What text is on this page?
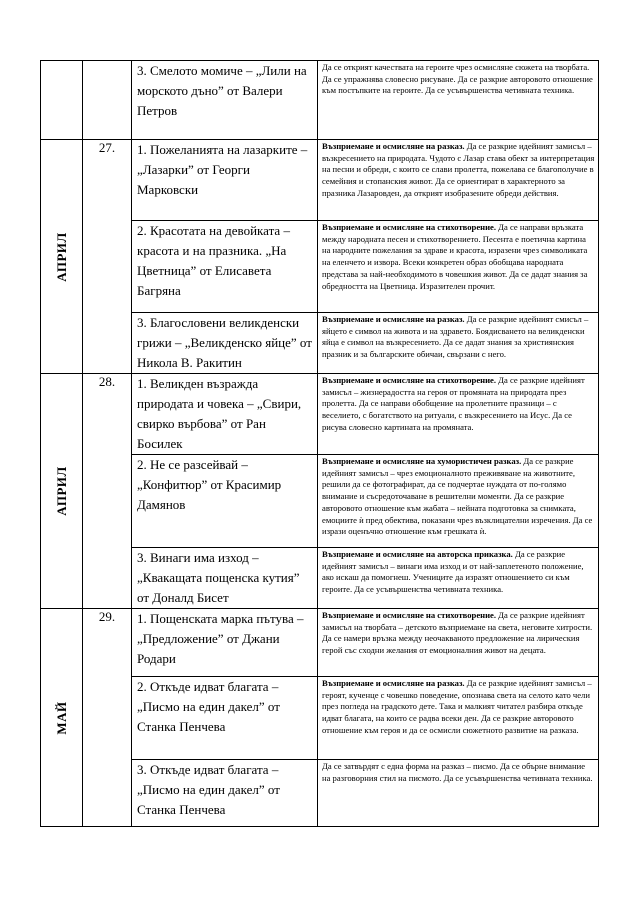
		3. Смелото момиче – „Лили на морското дъно” от Валери Петров	Да се открият качествата на героите чрез осмисляне сюжета на творбата. Да се упражнява словесно рисуване. Да се разкрие авторовото отношение към постъпките на героите. Да се усъвършенства четивната техника.

АПРИЛ	27.	1. Пожеланията на лазарките – „Лазарки” от Георги Марковски	Възприемане и осмисляне на разказ. Да се разкрие идейният замисъл – възкресението на природата. Чудото с Лазар става обект за интерпретация на песни и обреди, с които се слави пролетта, пожелава се благополучие в семейния и стопанския живот. Да се ориентират в характерното за празника Лазаровден, да открият изобразените обреди действия.
		2. Красотата на девойката – красота и на празника. „На Цветница” от Елисавета Багряна	Възприемане и осмисляне на стихотворение. Да се направи връзката между народната песен и стихотворението. Песента е поетична картина на народните пожелания за здраве и красота, изразени чрез символиката на еленчето и извора. Всеки конкретен образ обобщава народната представа за най-необходимото в човешкия живот. Да се дадат знания за обредността на Цветница. Изразителен прочит.
		3. Благословени великденски грижи – „Великденско яйце” от Никола В. Ракитин	Възприемане и осмисляне на разказ. Да се разкрие идейният смисъл – яйцето е символ на живота и на здравето. Боядисването на великденски яйца е символ на възкресението. Да се дадат знания за християнския празник и за българските обичаи, свързани с него.

АПРИЛ	28.	1. Великден възражда природата и човека – „Свири, свирко върбова” от Ран Босилек	Възприемане и осмисляне на стихотворение. Да се разкрие идейният замисъл – жизнерадостта на героя от промяната на природата през пролетта. Да се направи обобщение на пролетните празници – с веселието, с богатството на ритуали, с възкресението на Исус. Да се рисува словесно картината на промяната.
		2. Не се разсейвай – „Конфитюр” от Красимир Дамянов	Възприемане и осмисляне на хумористичен разказ. Да се разкрие идейният замисъл – чрез емоционалното преживяване на животните, решили да се фотографират, да се подчертае нуждата от по-голямо внимание и съсредоточаване в решителни моменти. Да се разкрие авторовото отношение към жабата – нейната подготовка за снимката, емоциите ѝ пред обектива, показани чрез възклицателни изречения. Да се изрази оценъчно отношение към грешката ѝ.
		3. Винаги има изход – „Квакащата пощенска кутия” от Доналд Бисет	Възприемане и осмисляне на авторска приказка. Да се разкрие идейният замисъл – винаги има изход и от най-заплетеното положение, ако искаш да помогнеш. Учениците да изразят отношението си към героите. Да се усъвършенства четивната техника.

МАЙ	29.	1. Пощенската марка пътува – „Предложение” от Джани Родари	Възприемане и осмисляне на стихотворение. Да се разкрие идейният замисъл на творбата – детското възприемане на света, неговите хитрости. Да се намери връзка между неочакваното предложение на лирическия герой със сходни желания от емоционалния живот на децата.
		2. Откъде идват благата – „Писмо на един дакел” от Станка Пенчева	Възприемане и осмисляне на разказ. Да се разкрие идейният замисъл – героят, кученце с човешко поведение, опознава света на селото като чели през погледа на градското дете. Така и малкият читател разбира откъде идват благата, на които се радва всеки ден. Да се разкрие авторовото отношение към героя и да се осмисли сюжетното развитие на разказа.
		3. Откъде идват благата – „Писмо на един дакел” от Станка Пенчева	Да се затвърдят с една форма на разказ – писмо. Да се обърне внимание на разговорния стил на писмото. Да се усъвършенства четивната техника.
